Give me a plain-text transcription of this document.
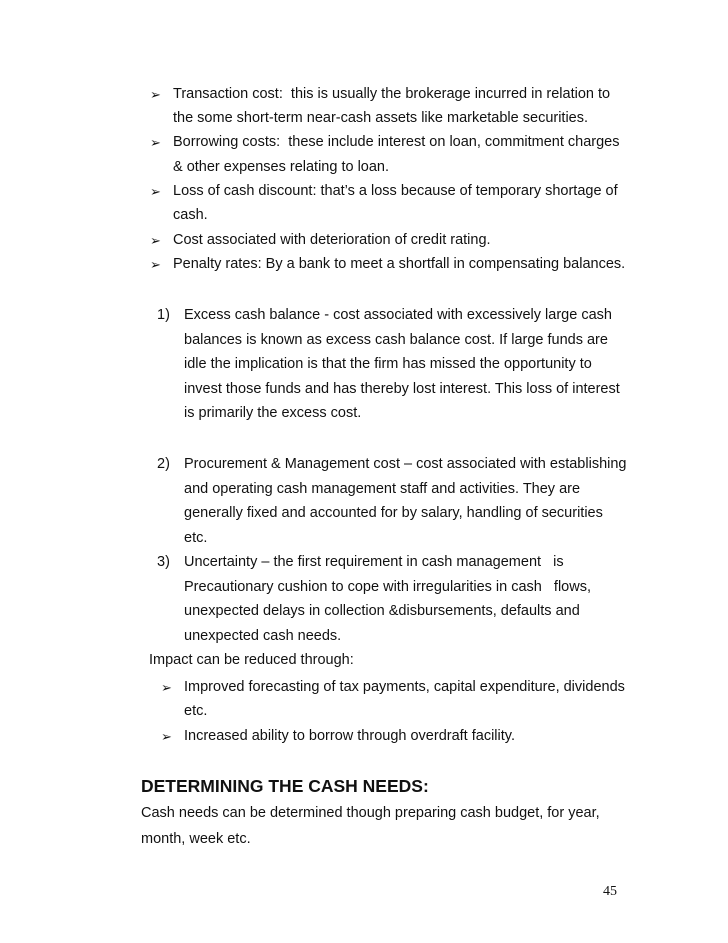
➢ Transaction cost:  this is usually the brokerage incurred in relation to
the some short-term near-cash assets like marketable securities.
➢ Borrowing costs:  these include interest on loan, commitment charges
& other expenses relating to loan.
➢ Loss of cash discount: that’s a loss because of temporary shortage of
cash.
➢ Cost associated with deterioration of credit rating.
➢ Penalty rates: By a bank to meet a shortfall in compensating balances.
1) Excess cash balance - cost associated with excessively large cash
balances is known as excess cash balance cost. If large funds are
idle the implication is that the firm has missed the opportunity to
invest those funds and has thereby lost interest. This loss of interest
is primarily the excess cost.
2) Procurement & Management cost – cost associated with establishing
and operating cash management staff and activities. They are
generally fixed and accounted for by salary, handling of securities
etc.
3) Uncertainty – the first requirement in cash management   is
Precautionary cushion to cope with irregularities in cash   flows,
unexpected delays in collection &disbursements, defaults and
unexpected cash needs.
Impact can be reduced through:
➢ Improved forecasting of tax payments, capital expenditure, dividends
etc.
➢ Increased ability to borrow through overdraft facility.
DETERMINING THE CASH NEEDS:
Cash needs can be determined though preparing cash budget, for year,
month, week etc.
45
